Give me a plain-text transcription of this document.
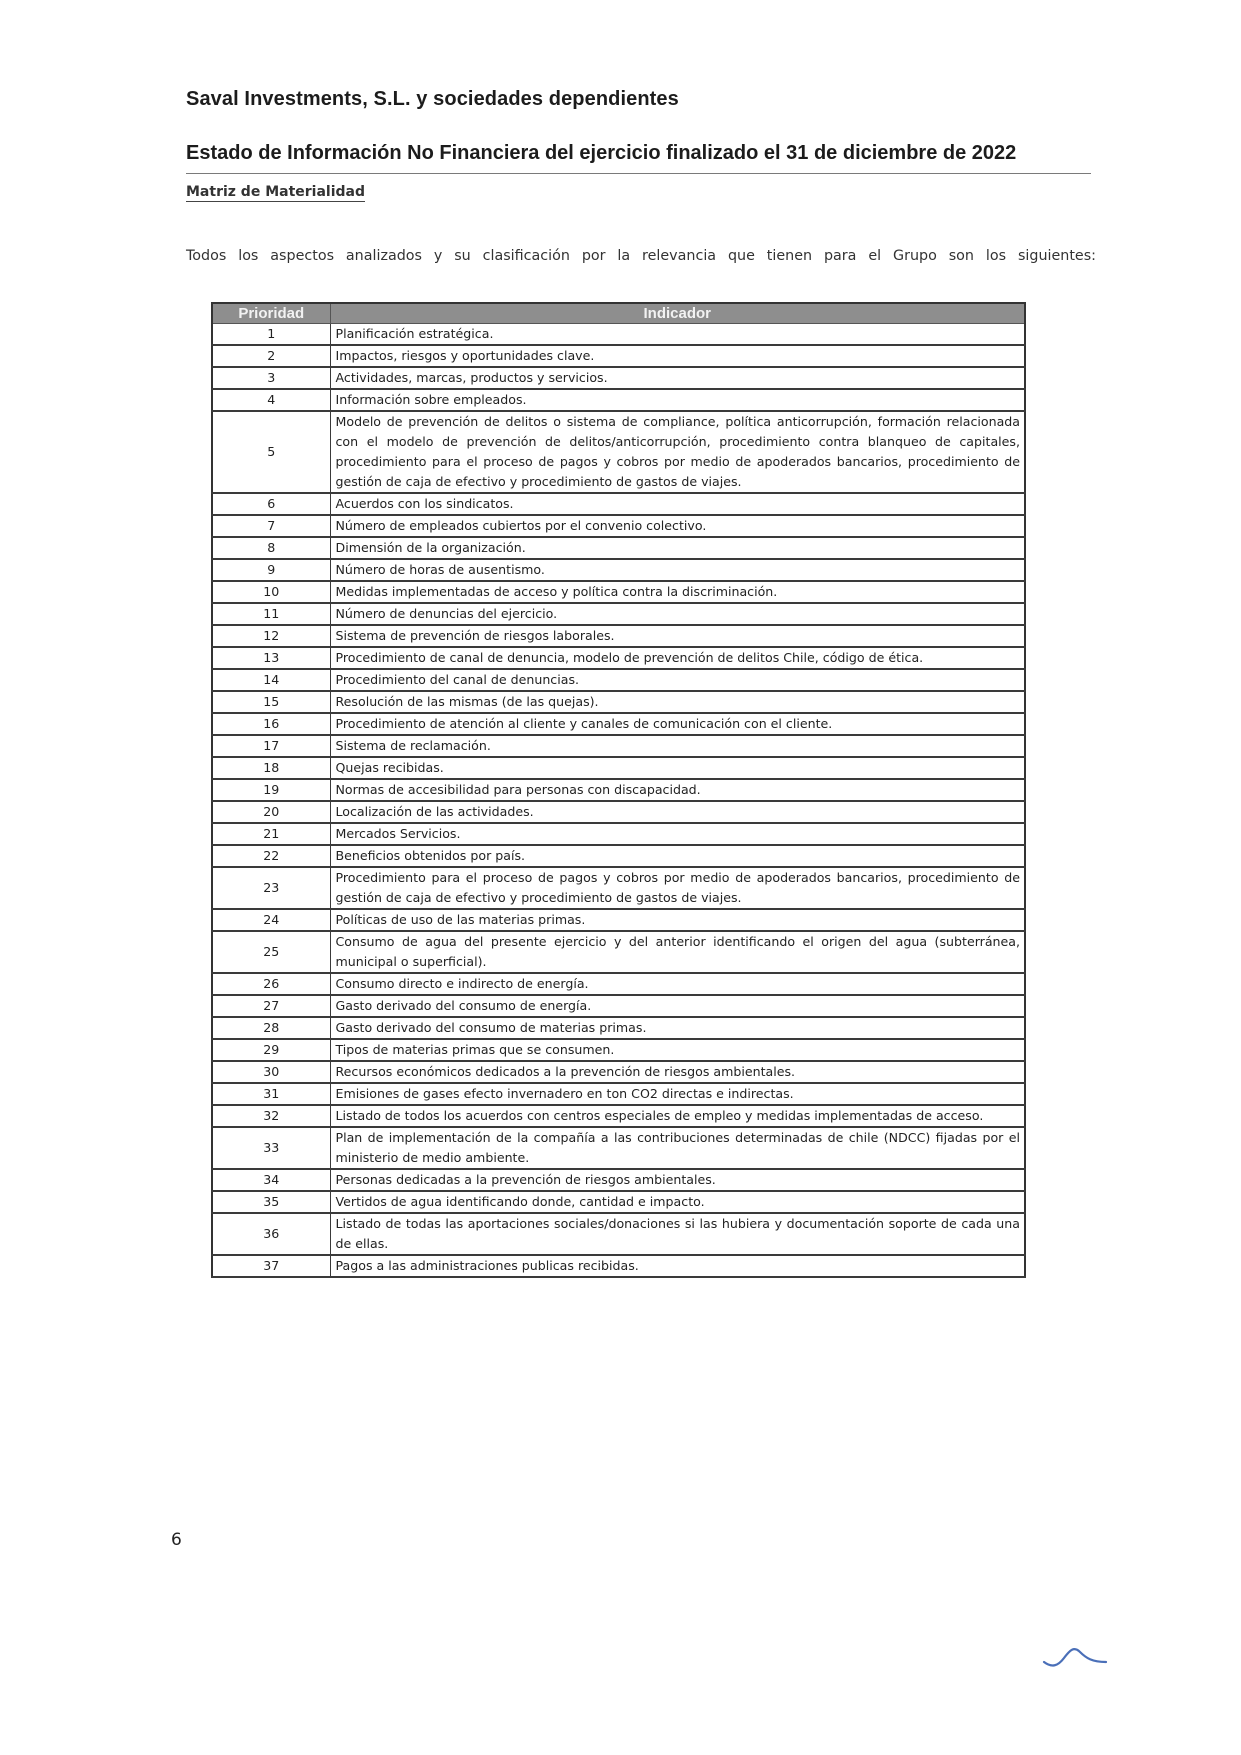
Saval Investments, S.L. y sociedades dependientes
Estado de Información No Financiera del ejercicio finalizado el 31 de diciembre de 2022
Matriz de Materialidad
Todos los aspectos analizados y su clasificación por la relevancia que tienen para el Grupo son los siguientes:
Prioridad	Indicador
1	Planificación estratégica.
2	Impactos, riesgos y oportunidades clave.
3	Actividades, marcas, productos y servicios.
4	Información sobre empleados.
5	Modelo de prevención de delitos o sistema de compliance, política anticorrupción, formación relacionada con el modelo de prevención de delitos/anticorrupción, procedimiento contra blanqueo de capitales, procedimiento para el proceso de pagos y cobros por medio de apoderados bancarios, procedimiento de gestión de caja de efectivo y procedimiento de gastos de viajes.
6	Acuerdos con los sindicatos.
7	Número de empleados cubiertos por el convenio colectivo.
8	Dimensión de la organización.
9	Número de horas de ausentismo.
10	Medidas implementadas de acceso y política contra la discriminación.
11	Número de denuncias del ejercicio.
12	Sistema de prevención de riesgos laborales.
13	Procedimiento de canal de denuncia, modelo de prevención de delitos Chile, código de ética.
14	Procedimiento del canal de denuncias.
15	Resolución de las mismas (de las quejas).
16	Procedimiento de atención al cliente y canales de comunicación con el cliente.
17	Sistema de reclamación.
18	Quejas recibidas.
19	Normas de accesibilidad para personas con discapacidad.
20	Localización de las actividades.
21	Mercados Servicios.
22	Beneficios obtenidos por país.
23	Procedimiento para el proceso de pagos y cobros por medio de apoderados bancarios, procedimiento de gestión de caja de efectivo y procedimiento de gastos de viajes.
24	Políticas de uso de las materias primas.
25	Consumo de agua del presente ejercicio y del anterior identificando el origen del agua (subterránea, municipal o superficial).
26	Consumo directo e indirecto de energía.
27	Gasto derivado del consumo de energía.
28	Gasto derivado del consumo de materias primas.
29	Tipos de materias primas que se consumen.
30	Recursos económicos dedicados a la prevención de riesgos ambientales.
31	Emisiones de gases efecto invernadero en ton CO2 directas e indirectas.
32	Listado de todos los acuerdos con centros especiales de empleo y medidas implementadas de acceso.
33	Plan de implementación de la compañía a las contribuciones determinadas de chile (NDCC) fijadas por el ministerio de medio ambiente.
34	Personas dedicadas a la prevención de riesgos ambientales.
35	Vertidos de agua identificando donde, cantidad e impacto.
36	Listado de todas las aportaciones sociales/donaciones si las hubiera y documentación soporte de cada una de ellas.
37	Pagos a las administraciones publicas recibidas.
6
